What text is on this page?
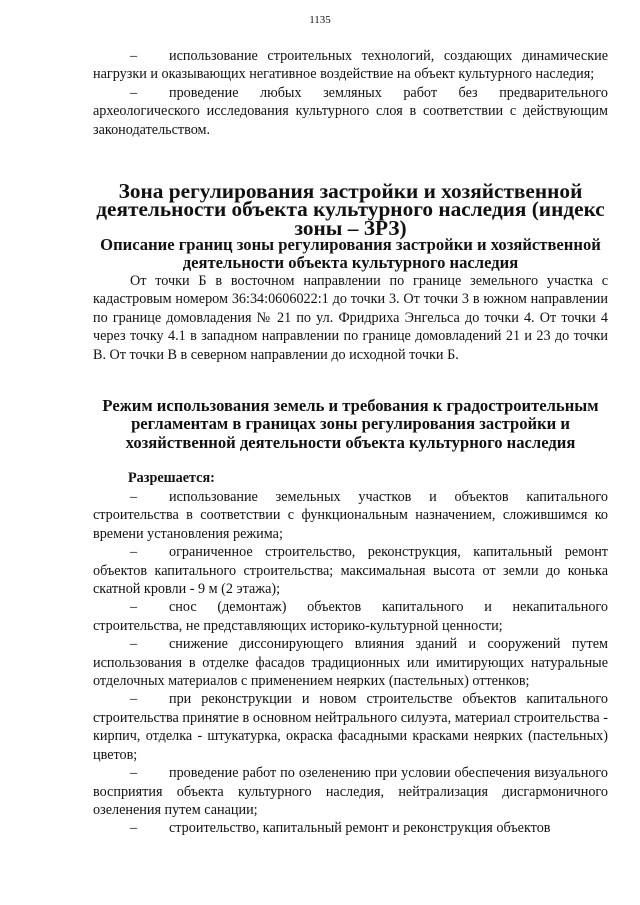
1135

– использование строительных технологий, создающих динамические нагрузки и оказывающих негативное воздействие на объект культурного наследия;

– проведение любых земляных работ без предварительного археологического исследования культурного слоя в соответствии с действующим законодательством.

Зона регулирования застройки и хозяйственной деятельности объекта культурного наследия (индекс зоны – ЗРЗ)
Описание границ зоны регулирования застройки и хозяйственной деятельности объекта культурного наследия

От точки Б в восточном направлении по границе земельного участка с кадастровым номером 36:34:0606022:1 до точки 3. От точки 3 в южном направлении по границе домовладения № 21 по ул. Фридриха Энгельса до точки 4. От точки 4 через точку 4.1 в западном направлении по границе домовладений 21 и 23 до точки В. От точки В в северном направлении до исходной точки Б.

Режим использования земель и требования к градостроительным регламентам в границах зоны регулирования застройки и хозяйственной деятельности объекта культурного наследия

Разрешается:

– использование земельных участков и объектов капитального строительства в соответствии с функциональным назначением, сложившимся ко времени установления режима;

– ограниченное строительство, реконструкция, капитальный ремонт объектов капитального строительства; максимальная высота от земли до конька скатной кровли - 9 м (2 этажа);

– снос (демонтаж) объектов капитального и некапитального строительства, не представляющих историко-культурной ценности;

– снижение диссонирующего влияния зданий и сооружений путем использования в отделке фасадов традиционных или имитирующих натуральные отделочных материалов с применением неярких (пастельных) оттенков;

– при реконструкции и новом строительстве объектов капитального строительства принятие в основном нейтрального силуэта, материал строительства - кирпич, отделка - штукатурка, окраска фасадными красками неярких (пастельных) цветов;

– проведение работ по озеленению при условии обеспечения визуального восприятия объекта культурного наследия, нейтрализация дисгармоничного озеленения путем санации;

– строительство, капитальный ремонт и реконструкция объектов
